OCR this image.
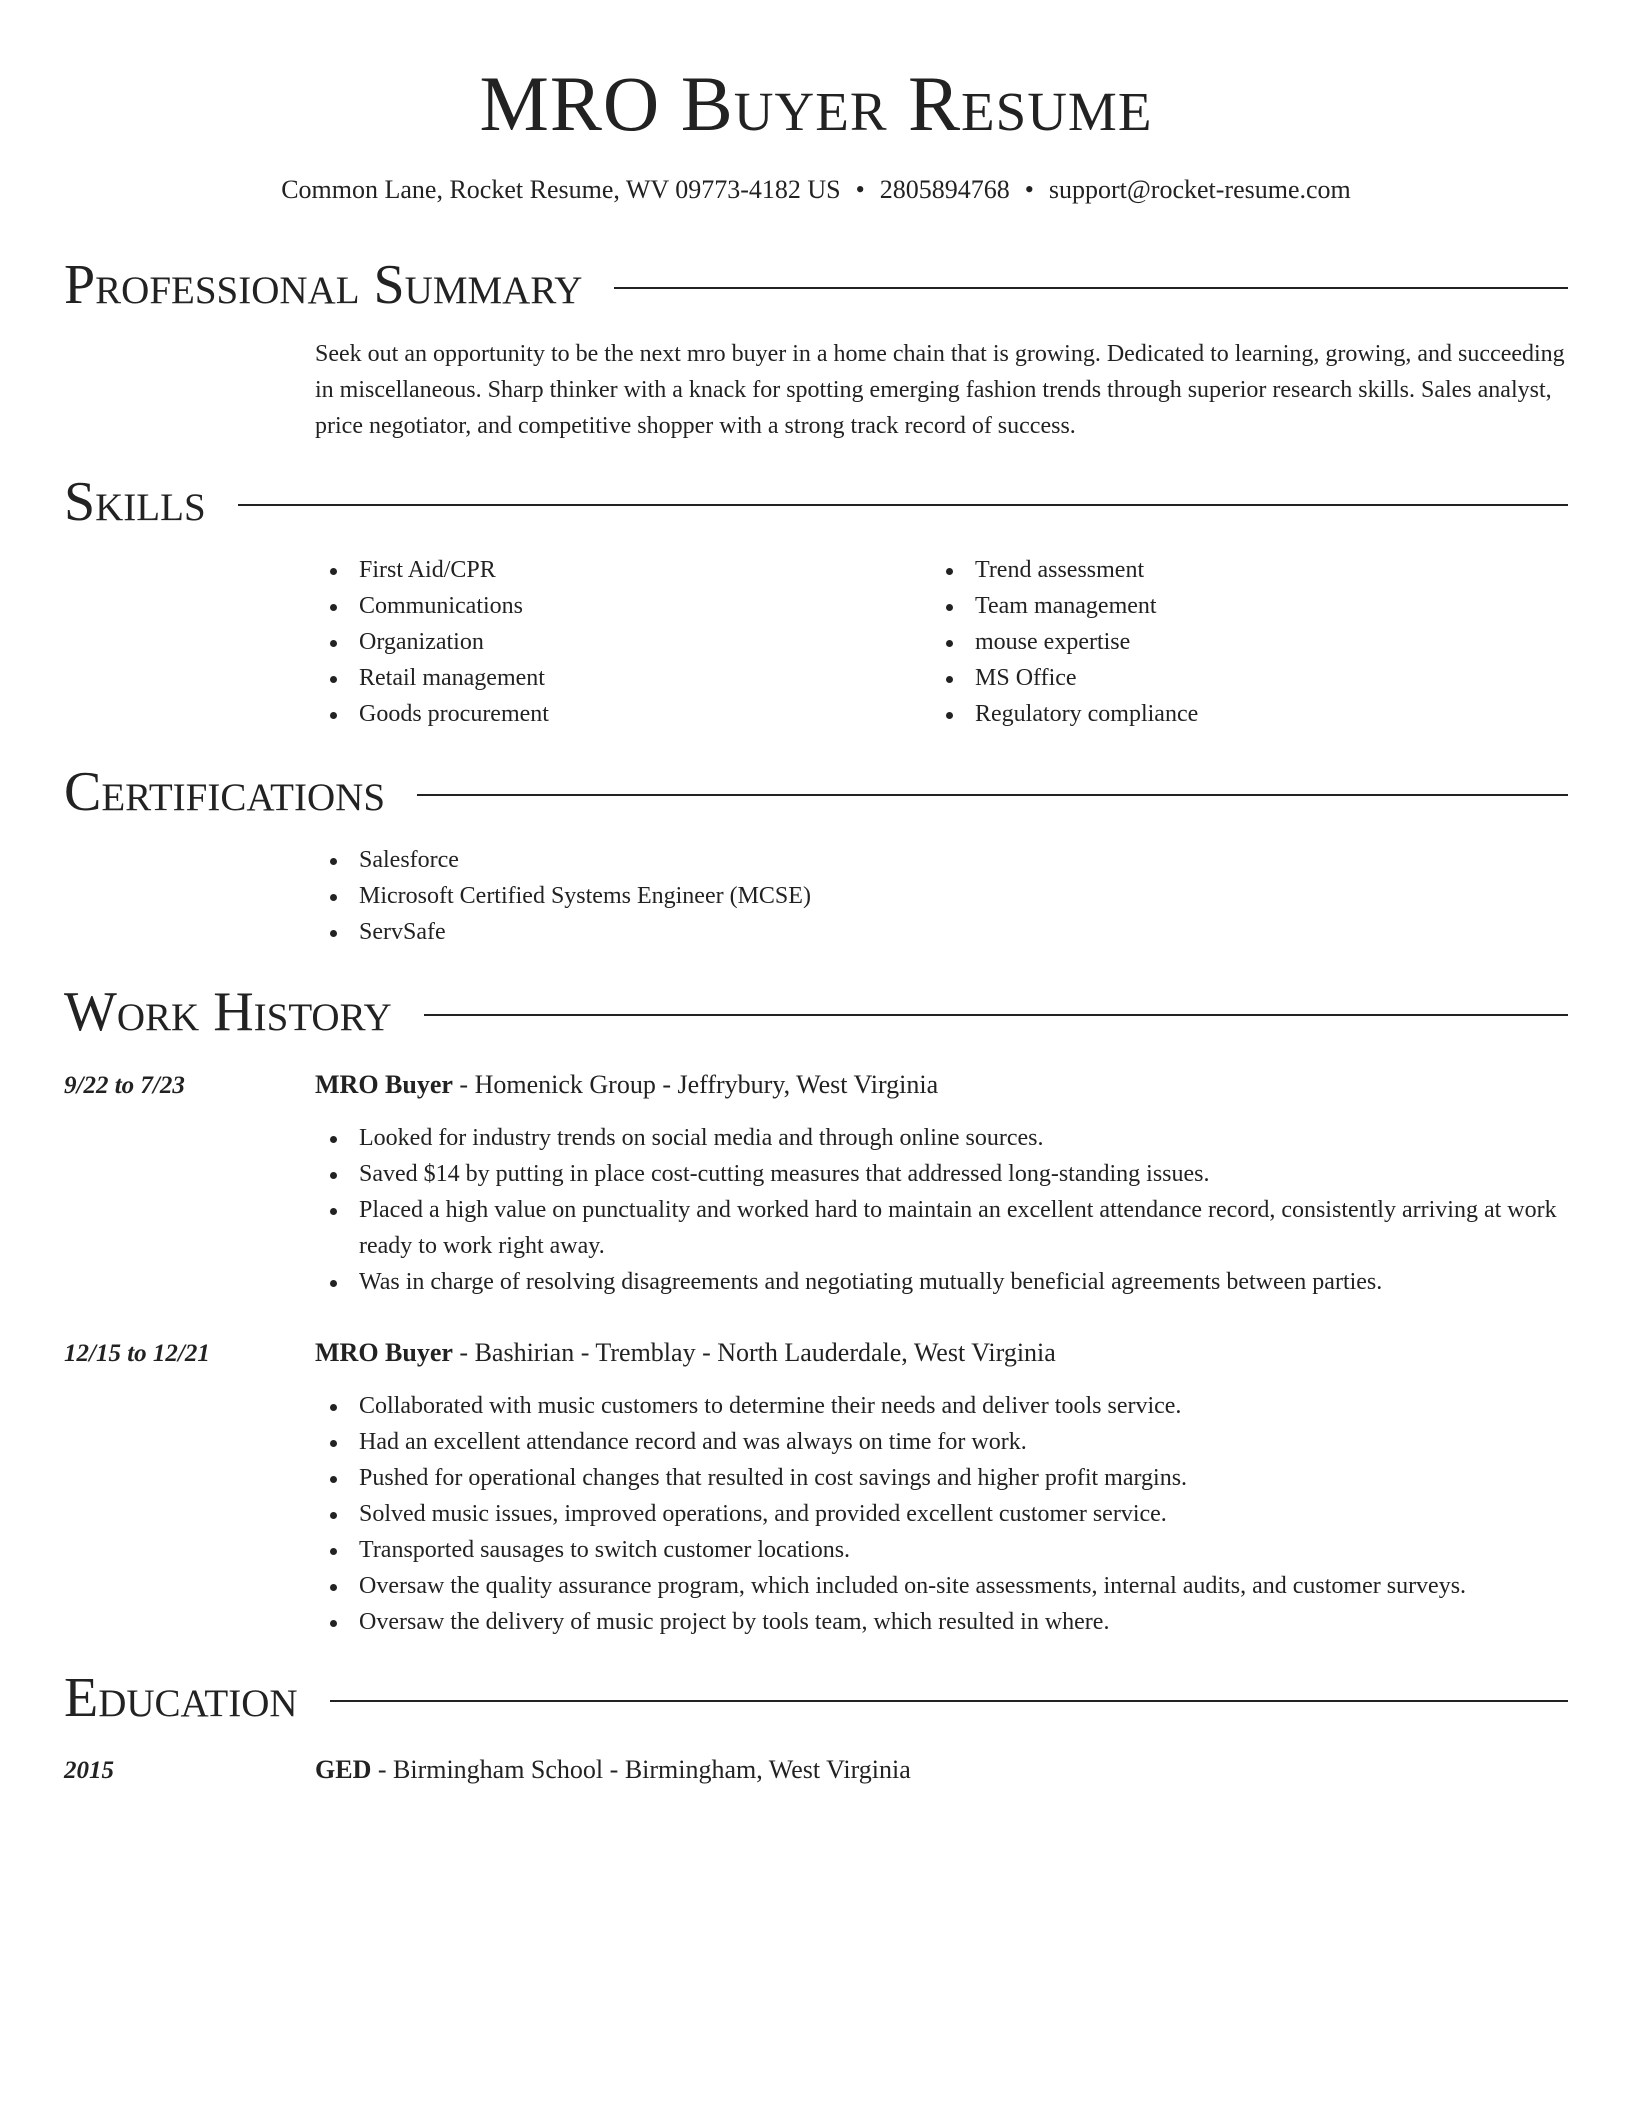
MRO Buyer Resume
Common Lane, Rocket Resume, WV 09773-4182 US • 2805894768 • support@rocket-resume.com
Professional Summary
Seek out an opportunity to be the next mro buyer in a home chain that is growing. Dedicated to learning, growing, and succeeding in miscellaneous. Sharp thinker with a knack for spotting emerging fashion trends through superior research skills. Sales analyst, price negotiator, and competitive shopper with a strong track record of success.
Skills
First Aid/CPR
Communications
Organization
Retail management
Goods procurement
Trend assessment
Team management
mouse expertise
MS Office
Regulatory compliance
Certifications
Salesforce
Microsoft Certified Systems Engineer (MCSE)
ServSafe
Work History
9/22 to 7/23	MRO Buyer - Homenick Group - Jeffrybury, West Virginia
Looked for industry trends on social media and through online sources.
Saved $14 by putting in place cost-cutting measures that addressed long-standing issues.
Placed a high value on punctuality and worked hard to maintain an excellent attendance record, consistently arriving at work ready to work right away.
Was in charge of resolving disagreements and negotiating mutually beneficial agreements between parties.
12/15 to 12/21	MRO Buyer - Bashirian - Tremblay - North Lauderdale, West Virginia
Collaborated with music customers to determine their needs and deliver tools service.
Had an excellent attendance record and was always on time for work.
Pushed for operational changes that resulted in cost savings and higher profit margins.
Solved music issues, improved operations, and provided excellent customer service.
Transported sausages to switch customer locations.
Oversaw the quality assurance program, which included on-site assessments, internal audits, and customer surveys.
Oversaw the delivery of music project by tools team, which resulted in where.
Education
2015	GED - Birmingham School - Birmingham, West Virginia
